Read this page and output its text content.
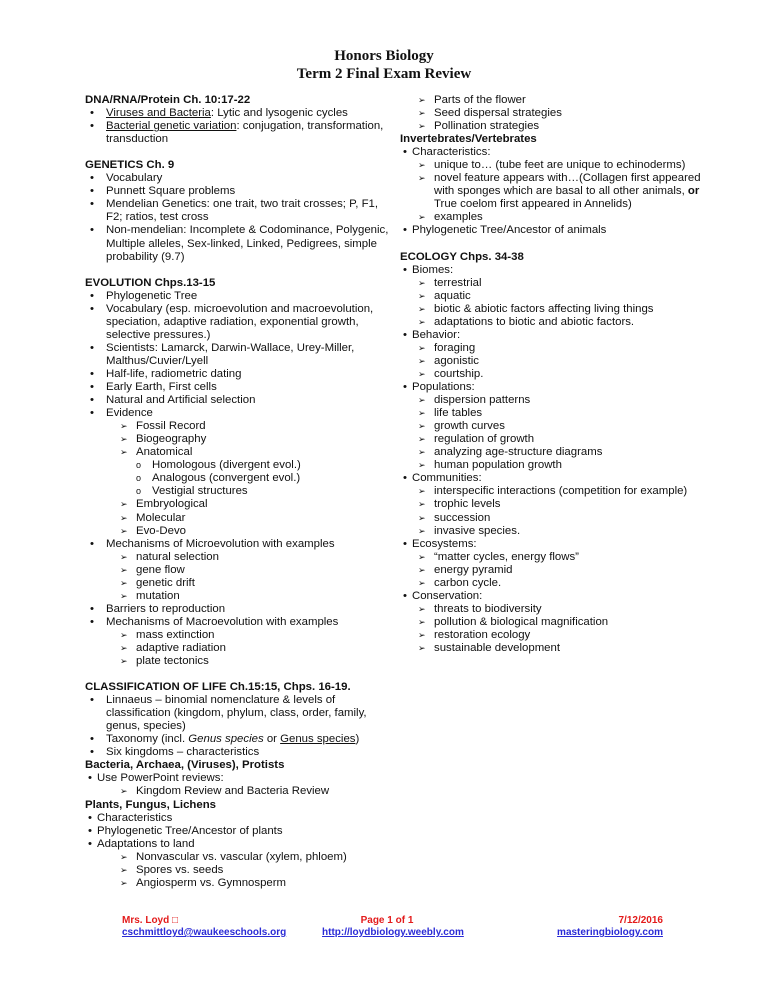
Honors Biology
Term 2 Final Exam Review
DNA/RNA/Protein Ch. 10:17-22
• Viruses and Bacteria: Lytic and lysogenic cycles
• Bacterial genetic variation: conjugation, transformation,
transduction
GENETICS Ch. 9
• Vocabulary
• Punnett Square problems
• Mendelian Genetics: one trait, two trait crosses; P, F1,
F2; ratios, test cross
• Non-mendelian: Incomplete & Codominance, Polygenic,
Multiple alleles, Sex-linked, Linked, Pedigrees, simple
probability (9.7)
EVOLUTION Chps.13-15
• Phylogenetic Tree
• Vocabulary (esp. microevolution and macroevolution,
speciation, adaptive radiation, exponential growth,
selective pressures.)
• Scientists: Lamarck, Darwin-Wallace, Urey-Miller,
Malthus/Cuvier/Lyell
• Half-life, radiometric dating
• Early Earth, First cells
• Natural and Artificial selection
• Evidence
➢ Fossil Record
➢ Biogeography
➢ Anatomical
o Homologous (divergent evol.)
o Analogous (convergent evol.)
o Vestigial structures
➢ Embryological
➢ Molecular
➢ Evo-Devo
• Mechanisms of Microevolution with examples
➢ natural selection
➢ gene flow
➢ genetic drift
➢ mutation
• Barriers to reproduction
• Mechanisms of Macroevolution with examples
➢ mass extinction
➢ adaptive radiation
➢ plate tectonics
CLASSIFICATION OF LIFE Ch.15:15, Chps. 16-19.
• Linnaeus – binomial nomenclature & levels of
classification (kingdom, phylum, class, order, family,
genus, species)
• Taxonomy (incl. Genus species or Genus species)
• Six kingdoms – characteristics
Bacteria, Archaea, (Viruses), Protists
• Use PowerPoint reviews:
➢ Kingdom Review and Bacteria Review
Plants, Fungus, Lichens
• Characteristics
• Phylogenetic Tree/Ancestor of plants
• Adaptations to land
➢ Nonvascular vs. vascular (xylem, phloem)
➢ Spores vs. seeds
➢ Angiosperm vs. Gymnosperm
➢ Parts of the flower
➢ Seed dispersal strategies
➢ Pollination strategies
Invertebrates/Vertebrates
• Characteristics:
➢ unique to… (tube feet are unique to echinoderms)
➢ novel feature appears with…(Collagen first appeared
with sponges which are basal to all other animals, or
True coelom first appeared in Annelids)
➢ examples
• Phylogenetic Tree/Ancestor of animals
ECOLOGY Chps. 34-38
• Biomes:
➢ terrestrial
➢ aquatic
➢ biotic & abiotic factors affecting living things
➢ adaptations to biotic and abiotic factors.
• Behavior:
➢ foraging
➢ agonistic
➢ courtship.
• Populations:
➢ dispersion patterns
➢ life tables
➢ growth curves
➢ regulation of growth
➢ analyzing age-structure diagrams
➢ human population growth
• Communities:
➢ interspecific interactions (competition for example)
➢ trophic levels
➢ succession
➢ invasive species.
• Ecosystems:
➢ “matter cycles, energy flows”
➢ energy pyramid
➢ carbon cycle.
• Conservation:
➢ threats to biodiversity
➢ pollution & biological magnification
➢ restoration ecology
➢ sustainable development
Mrs. Loyd □
cschmittloyd@waukeeschools.org
Page 1 of 1
http://loydbiology.weebly.com
7/12/2016
masteringbiology.com
